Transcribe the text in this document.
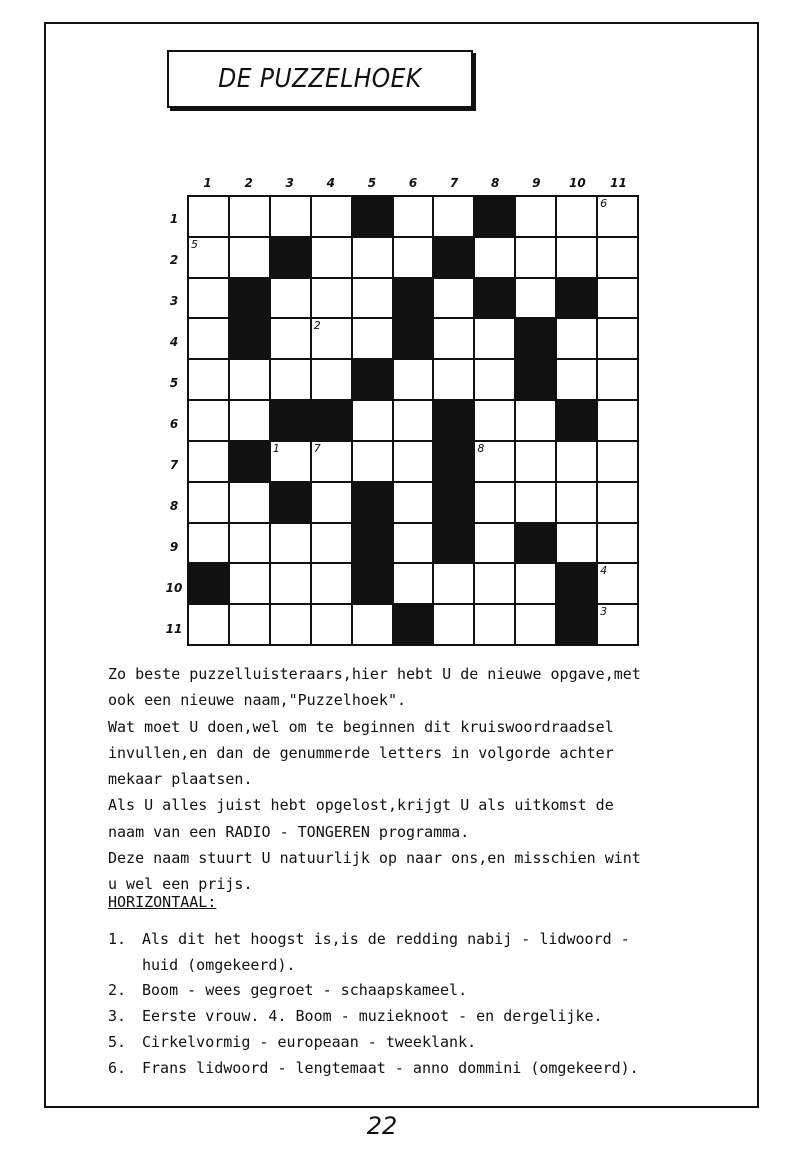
DE PUZZELHOEK
1	2	3	4	5	6	7	8	9	10	11
1
2
3
4
5
6
7
8
9
10
11
6
5
2
1	7	8
4
3
Zo beste puzzelluisteraars,hier hebt U de nieuwe opgave,met
ook een nieuwe naam,"Puzzelhoek".
Wat moet U doen,wel om te beginnen dit kruiswoordraadsel
invullen,en dan de genummerde letters in volgorde achter
mekaar plaatsen.
Als U alles juist hebt opgelost,krijgt U als uitkomst de
naam van een RADIO - TONGEREN programma.
Deze naam stuurt U natuurlijk op naar ons,en misschien wint
u wel een prijs.
HORIZONTAAL:
1.	Als dit het hoogst is,is de redding nabij - lidwoord -
huid (omgekeerd).
2.	Boom - wees gegroet - schaapskameel.
3.	Eerste vrouw. 4. Boom - muzieknoot - en dergelijke.
5.	Cirkelvormig - europeaan - tweeklank.
6.	Frans lidwoord - lengtemaat - anno dommini (omgekeerd).
22
